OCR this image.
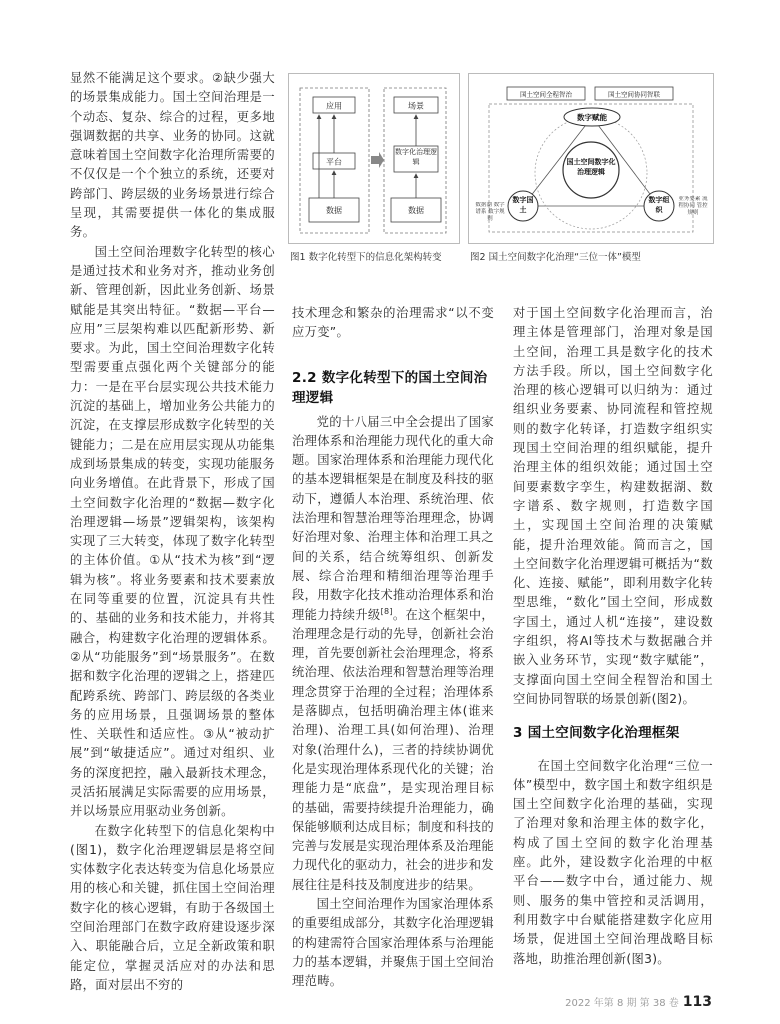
应用
平台
数据
场景
数字化治理逻辑
数据
图1 数字化转型下的信息化架构转变
国土空间全程智治	国土空间协同智联
数字赋能
国土空间数字化治理逻辑
数字国土
数字组织
数据湖 数字谱系 数字规则
业务要素 流程协同 管控规则
图2 国土空间数字化治理“三位一体”模型

显然不能满足这个要求。②缺少强大的场景集成能力。国土空间治理是一个动态、复杂、综合的过程，更多地强调数据的共享、业务的协同。这就意味着国土空间数字化治理所需要的不仅仅是一个个独立的系统，还要对跨部门、跨层级的业务场景进行综合呈现，其需要提供一体化的集成服务。

国土空间治理数字化转型的核心是通过技术和业务对齐，推动业务创新、管理创新，因此业务创新、场景赋能是其突出特征。“数据—平台—应用”三层架构难以匹配新形势、新要求。为此，国土空间治理数字化转型需要重点强化两个关键部分的能力：一是在平台层实现公共技术能力沉淀的基础上，增加业务公共能力的沉淀，在支撑层形成数字化转型的关键能力；二是在应用层实现从功能集成到场景集成的转变，实现功能服务向业务增值。在此背景下，形成了国土空间数字化治理的“数据—数字化治理逻辑—场景”逻辑架构，该架构实现了三大转变，体现了数字化转型的主体价值。①从“技术为核”到“逻辑为核”。将业务要素和技术要素放在同等重要的位置，沉淀具有共性的、基础的业务和技术能力，并将其融合，构建数字化治理的逻辑体系。②从“功能服务”到“场景服务”。在数据和数字化治理的逻辑之上，搭建匹配跨系统、跨部门、跨层级的各类业务的应用场景，且强调场景的整体性、关联性和适应性。③从“被动扩展”到“敏捷适应”。通过对组织、业务的深度把控，融入最新技术理念，灵活拓展满足实际需要的应用场景，并以场景应用驱动业务创新。

在数字化转型下的信息化架构中(图1)，数字化治理逻辑层是将空间实体数字化表达转变为信息化场景应用的核心和关键，抓住国土空间治理数字化的核心逻辑，有助于各级国土空间治理部门在数字政府建设逐步深入、职能融合后，立足全新政策和职能定位，掌握灵活应对的办法和思路，面对层出不穷的

技术理念和繁杂的治理需求“以不变应万变”。

2.2 数字化转型下的国土空间治理逻辑

党的十八届三中全会提出了国家治理体系和治理能力现代化的重大命题。国家治理体系和治理能力现代化的基本逻辑框架是在制度及科技的驱动下，遵循人本治理、系统治理、依法治理和智慧治理等治理理念，协调好治理对象、治理主体和治理工具之间的关系，结合统筹组织、创新发展、综合治理和精细治理等治理手段，用数字化技术推动治理体系和治理能力持续升级[8]。在这个框架中，治理理念是行动的先导，创新社会治理，首先要创新社会治理理念，将系统治理、依法治理和智慧治理等治理理念贯穿于治理的全过程；治理体系是落脚点，包括明确治理主体(谁来治理)、治理工具(如何治理)、治理对象(治理什么)，三者的持续协调优化是实现治理体系现代化的关键；治理能力是“底盘”，是实现治理目标的基础，需要持续提升治理能力，确保能够顺利达成目标；制度和科技的完善与发展是实现治理体系及治理能力现代化的驱动力，社会的进步和发展往往是科技及制度进步的结果。

国土空间治理作为国家治理体系的重要组成部分，其数字化治理逻辑的构建需符合国家治理体系与治理能力的基本逻辑，并聚焦于国土空间治理范畴。

对于国土空间数字化治理而言，治理主体是管理部门，治理对象是国土空间，治理工具是数字化的技术方法手段。所以，国土空间数字化治理的核心逻辑可以归纳为：通过组织业务要素、协同流程和管控规则的数字化转译，打造数字组织实现国土空间治理的组织赋能，提升治理主体的组织效能；通过国土空间要素数字孪生，构建数据湖、数字谱系、数字规则，打造数字国土，实现国土空间治理的决策赋能，提升治理效能。简而言之，国土空间数字化治理逻辑可概括为“数化、连接、赋能”，即利用数字化转型思维，“数化”国土空间，形成数字国土，通过人机“连接”，建设数字组织，将AI等技术与数据融合并嵌入业务环节，实现“数字赋能”，支撑面向国土空间全程智治和国土空间协同智联的场景创新(图2)。

3 国土空间数字化治理框架

在国土空间数字化治理“三位一体”模型中，数字国土和数字组织是国土空间数字化治理的基础，实现了治理对象和治理主体的数字化，构成了国土空间的数字化治理基座。此外，建设数字化治理的中枢平台——数字中台，通过能力、规则、服务的集中管控和灵活调用，利用数字中台赋能搭建数字化应用场景，促进国土空间治理战略目标落地，助推治理创新(图3)。

2022 年第 8 期 第 38 卷 113
